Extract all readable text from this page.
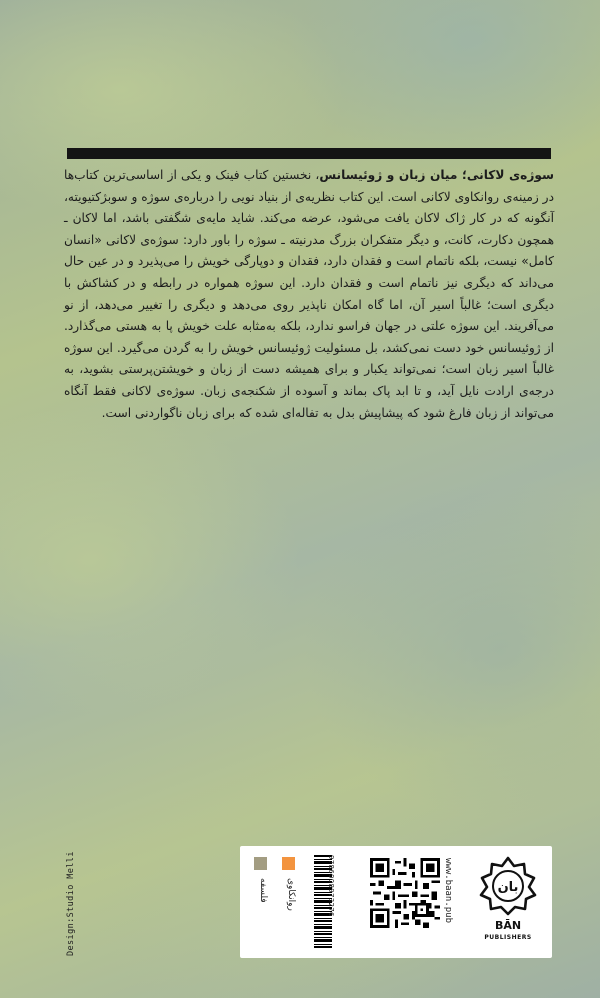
سوژه‌ی لاکانی؛ میان زبان و ژوئیسانس، نخستین کتاب فینک و یکی از اساسی‌ترین کتاب‌ها در زمینه‌ی روانکاوی لاکانی است. این کتاب نظریه‌ی از بنیاد نویی را درباره‌ی سوژه و سوبژکتیویته، آنگونه که در کار ژاک لاکان یافت می‌شود، عرضه می‌کند. شاید مایه‌ی شگفتی باشد، اما لاکان ـ همچون دکارت، کانت، و دیگر متفکران بزرگ مدرنیته ـ سوژه را باور دارد: سوژه‌ی لاکانی «انسان کامل» نیست، بلکه ناتمام است و فقدان دارد، فقدان و دوپارگی خویش را می‌پذیرد و در عین حال می‌داند که دیگری نیز ناتمام است و فقدان دارد. این سوژه همواره در رابطه و در کشاکش با دیگری است؛ غالباً اسیر آن، اما گاه امکان ناپذیر روی می‌دهد و دیگری را تغییر می‌دهد، از نو می‌آفریند. این سوژه علتی در جهان فراسو ندارد، بلکه به‌مثابه علت خویش پا به هستی می‌گذارد. از ژوئیسانس خود دست نمی‌کشد، بل مسئولیت ژوئیسانس خویش را به گردن می‌گیرد. این سوژه غالباً اسیر زبان است؛ نمی‌تواند یکبار و برای همیشه دست از زبان و خویشتن‌پرستی بشوید، به درجه‌ی ارادت نایل آید، و تا ابد پاک بماند و آسوده از شکنجه‌ی زبان. سوژه‌ی لاکانی فقط آنگاه می‌تواند از زبان فارغ شود که پیشاپیش بدل به تفاله‌ای شده که برای زبان ناگوارد‌نی است.

Design:Studio Melli	فلسفه روانکاوی	9786008973276	www.baan.pub	بان
BĀN
PUBLISHERS
